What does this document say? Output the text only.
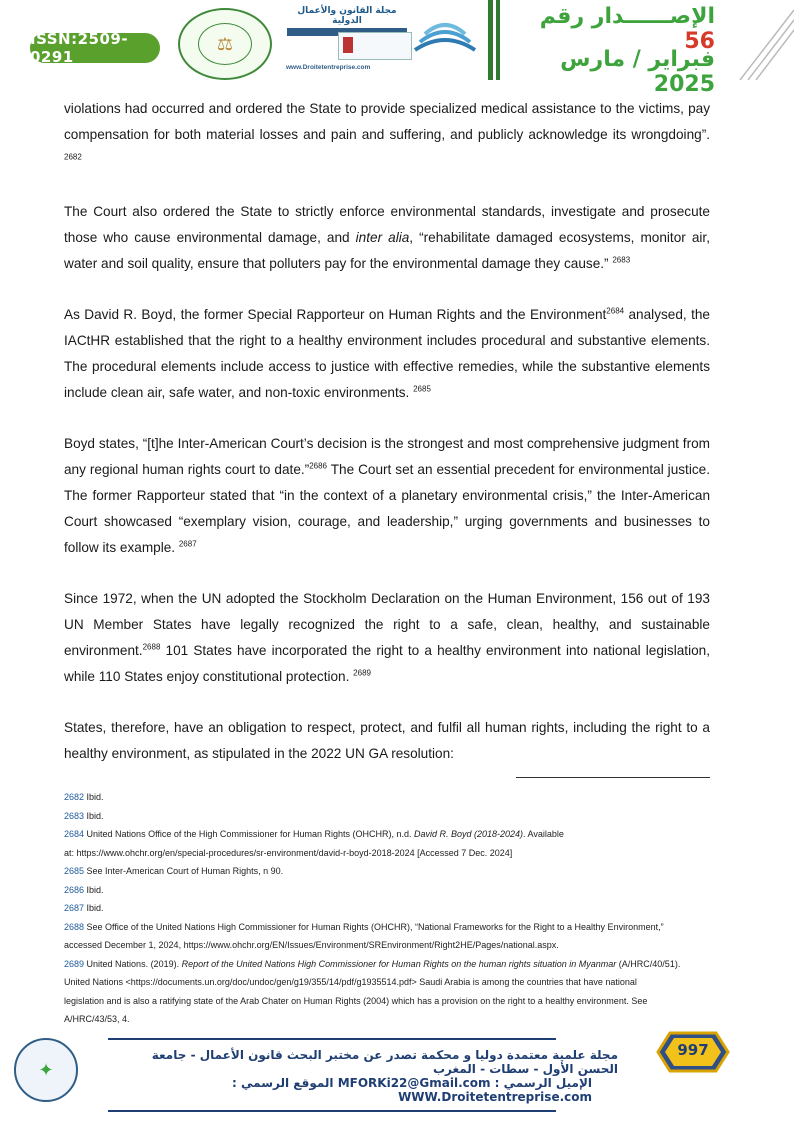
ISSN:2509-0291
⚖
مجلة القانون والأعمال الدولية
www.Droitetentreprise.com
الإصــــــدار رقم 56
فبراير / مارس 2025

violations had occurred and ordered the State to provide specialized medical assistance to the victims, pay compensation for both material losses and pain and suffering, and publicly acknowledge its wrongdoing”. $^{2682}$

The Court also ordered the State to strictly enforce environmental standards, investigate and prosecute those who cause environmental damage, and inter alia, “rehabilitate damaged ecosystems, monitor air, water and soil quality, ensure that polluters pay for the environmental damage they cause.” $^{2683}$

As David R. Boyd, the former Special Rapporteur on Human Rights and the Environment$^{2684}$ analysed, the IACtHR established that the right to a healthy environment includes procedural and substantive elements. The procedural elements include access to justice with effective remedies, while the substantive elements include clean air, safe water, and non-toxic environments. $^{2685}$

Boyd states, “[t]he Inter-American Court’s decision is the strongest and most comprehensive judgment from any regional human rights court to date.”$^{2686}$ The Court set an essential precedent for environmental justice. The former Rapporteur stated that “in the context of a planetary environmental crisis,” the Inter-American Court showcased “exemplary vision, courage, and leadership,” urging governments and businesses to follow its example. $^{2687}$

Since 1972, when the UN adopted the Stockholm Declaration on the Human Environment, 156 out of 193 UN Member States have legally recognized the right to a safe, clean, healthy, and sustainable environment.$^{2688}$ 101 States have incorporated the right to a healthy environment into national legislation, while 110 States enjoy constitutional protection. $^{2689}$

States, therefore, have an obligation to respect, protect, and fulfil all human rights, including the right to a healthy environment, as stipulated in the 2022 UN GA resolution:

2682 Ibid.

2683 Ibid.

2684 United Nations Office of the High Commissioner for Human Rights (OHCHR), n.d. David R. Boyd (2018-2024). Available

at: https://www.ohchr.org/en/special-procedures/sr-environment/david-r-boyd-2018-2024 [Accessed 7 Dec. 2024]

2685 See Inter-American Court of Human Rights, n 90.

2686 Ibid.

2687 Ibid.

2688 See Office of the United Nations High Commissioner for Human Rights (OHCHR), “National Frameworks for the Right to a Healthy Environment,”

accessed December 1, 2024, https://www.ohchr.org/EN/Issues/Environment/SREnvironment/Right2HE/Pages/national.aspx.

2689 United Nations. (2019). Report of the United Nations High Commissioner for Human Rights on the human rights situation in Myanmar (A/HRC/40/51).

United Nations <https://documents.un.org/doc/undoc/gen/g19/355/14/pdf/g1935514.pdf> Saudi Arabia is among the countries that have national

legislation and is also a ratifying state of the Arab Chater on Human Rights (2004) which has a provision on the right to a healthy environment. See

A/HRC/43/53, 4.

✦
مجلة علمية معتمدة دوليا و محكمة تصدر عن مختبر البحث قانون الأعمال - جامعة الحسن الأول - سطات - المغرب
الإميل الرسمي : MFORKi22@Gmail.com الموقع الرسمي : WWW.Droitetentreprise.com
997
